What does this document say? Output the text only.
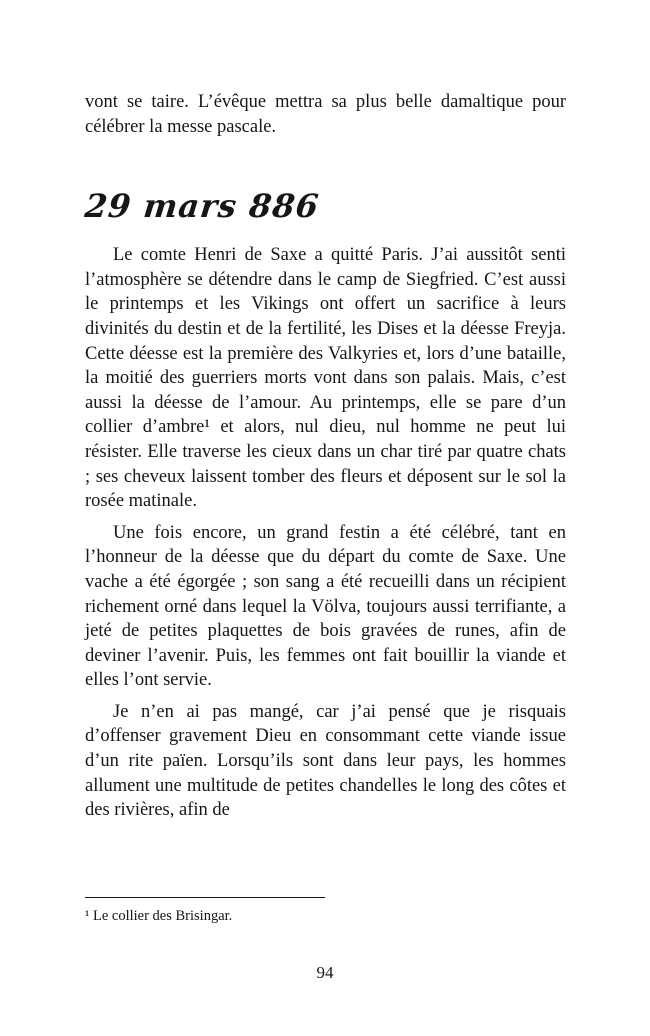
vont se taire. L’évêque mettra sa plus belle damaltique pour célébrer la messe pascale.

29 mars 886

Le comte Henri de Saxe a quitté Paris. J’ai aussitôt senti l’atmosphère se détendre dans le camp de Siegfried. C’est aussi le printemps et les Vikings ont offert un sacrifice à leurs divinités du destin et de la fertilité, les Dises et la déesse Freyja. Cette déesse est la première des Valkyries et, lors d’une bataille, la moitié des guerriers morts vont dans son palais. Mais, c’est aussi la déesse de l’amour. Au printemps, elle se pare d’un collier d’ambre¹ et alors, nul dieu, nul homme ne peut lui résister. Elle traverse les cieux dans un char tiré par quatre chats ; ses cheveux laissent tomber des fleurs et déposent sur le sol la rosée matinale.

Une fois encore, un grand festin a été célébré, tant en l’honneur de la déesse que du départ du comte de Saxe. Une vache a été égorgée ; son sang a été recueilli dans un récipient richement orné dans lequel la Völva, toujours aussi terrifiante, a jeté de petites plaquettes de bois gravées de runes, afin de deviner l’avenir. Puis, les femmes ont fait bouillir la viande et elles l’ont servie.

Je n’en ai pas mangé, car j’ai pensé que je risquais d’offenser gravement Dieu en consommant cette viande issue d’un rite païen. Lorsqu’ils sont dans leur pays, les hommes allument une multitude de petites chandelles le long des côtes et des rivières, afin de

¹ Le collier des Brisingar.

94
